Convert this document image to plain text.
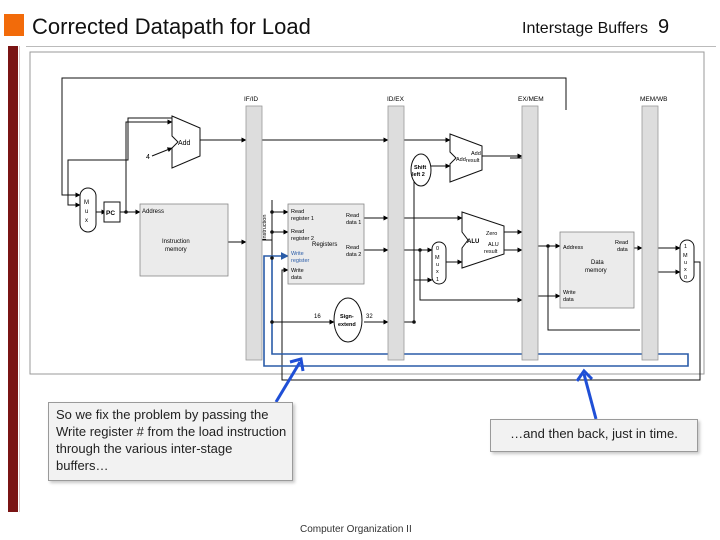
Corrected Datapath for Load	Interstage Buffers 9
Add
4
M
u
x
PC	Address
Instruction
memory
Read
register 1
Read
register 2
Registers
Write
register
Write
data
Read
data 1
Read
data 2
Instruction
Sign-
extend
16	32
Shift
left 2
Add
Add
result
0
M
u
x
1
ALU
Zero
ALU
result
Address
Data
memory
Read
data
Write
data
1
M
u
x
0
IF/ID	ID/EX	EX/MEM	MEM/WB
So we fix the problem by passing the Write register # from the load instruction through the various inter-stage buffers…
…and then back, just in time.
Computer Organization II
